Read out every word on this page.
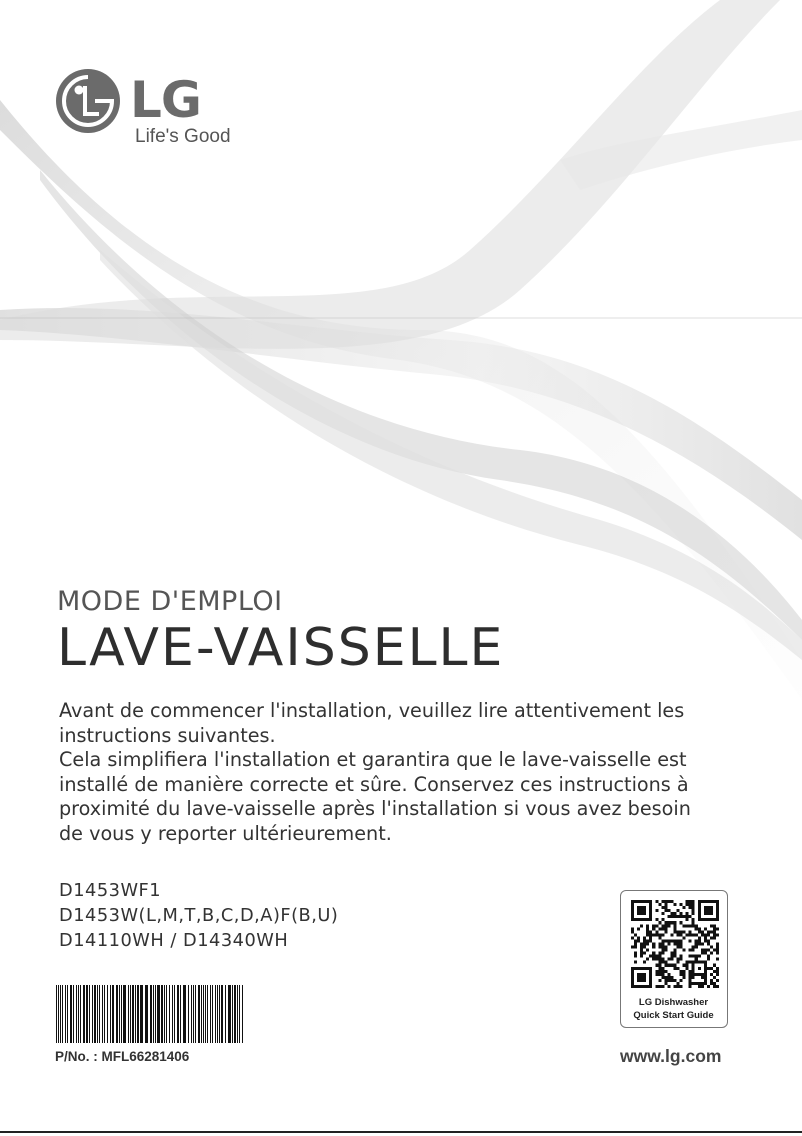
LG
Life's Good
MODE D'EMPLOI
LAVE-VAISSELLE

Avant de commencer l'installation, veuillez lire attentivement les

instructions suivantes.

Cela simplifiera l'installation et garantira que le lave-vaisselle est

installé de manière correcte et sûre. Conservez ces instructions à

proximité du lave-vaisselle après l'installation si vous avez besoin

de vous y reporter ultérieurement.

D1453WF1
D1453W(L,M,T,B,C,D,A)F(B,U)
D14110WH / D14340WH
P/No. : MFL66281406
LG Dishwasher
Quick Start Guide
www.lg.com
